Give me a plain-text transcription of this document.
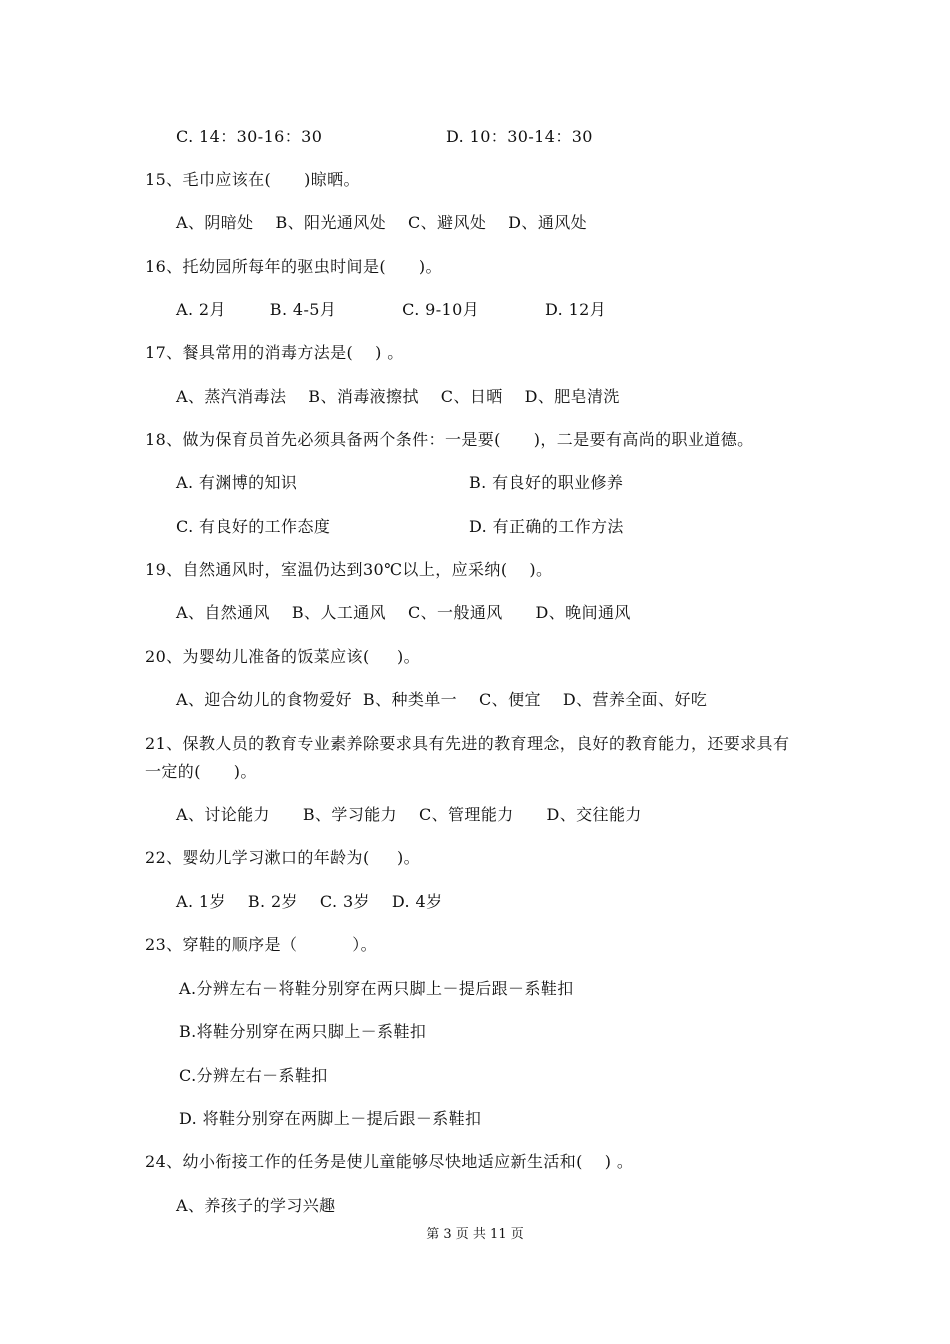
C. 14：30-16：30	D. 10：30-14：30
15、毛巾应该在(      )晾晒。
A、阴暗处    B、阳光通风处    C、避风处    D、通风处
16、托幼园所每年的驱虫时间是(      )。
A. 2月        B. 4-5月            C. 9-10月            D. 12月
17、餐具常用的消毒方法是(    ) 。
A、蒸汽消毒法    B、消毒液擦拭    C、日晒    D、肥皂清洗
18、做为保育员首先必须具备两个条件：一是要(      )，二是要有高尚的职业道德。
A. 有渊博的知识	B. 有良好的职业修养
C. 有良好的工作态度	D. 有正确的工作方法
19、自然通风时，室温仍达到30℃以上，应采纳(    )。
A、自然通风    B、人工通风    C、一般通风      D、晚间通风
20、为婴幼儿准备的饭菜应该(     )。
A、迎合幼儿的食物爱好  B、种类单一    C、便宜    D、营养全面、好吃
21、保教人员的教育专业素养除要求具有先进的教育理念，良好的教育能力，还要求具有
一定的(      )。
A、讨论能力      B、学习能力    C、管理能力      D、交往能力
22、婴幼儿学习漱口的年龄为(     )。
A. 1岁    B. 2岁    C. 3岁    D. 4岁
23、穿鞋的顺序是（          ）。
A.分辨左右－将鞋分别穿在两只脚上－提后跟－系鞋扣
B.将鞋分别穿在两只脚上－系鞋扣
C.分辨左右－系鞋扣
D. 将鞋分别穿在两脚上－提后跟－系鞋扣
24、幼小衔接工作的任务是使儿童能够尽快地适应新生活和(    ) 。
A、养孩子的学习兴趣
第 3 页 共 11 页
